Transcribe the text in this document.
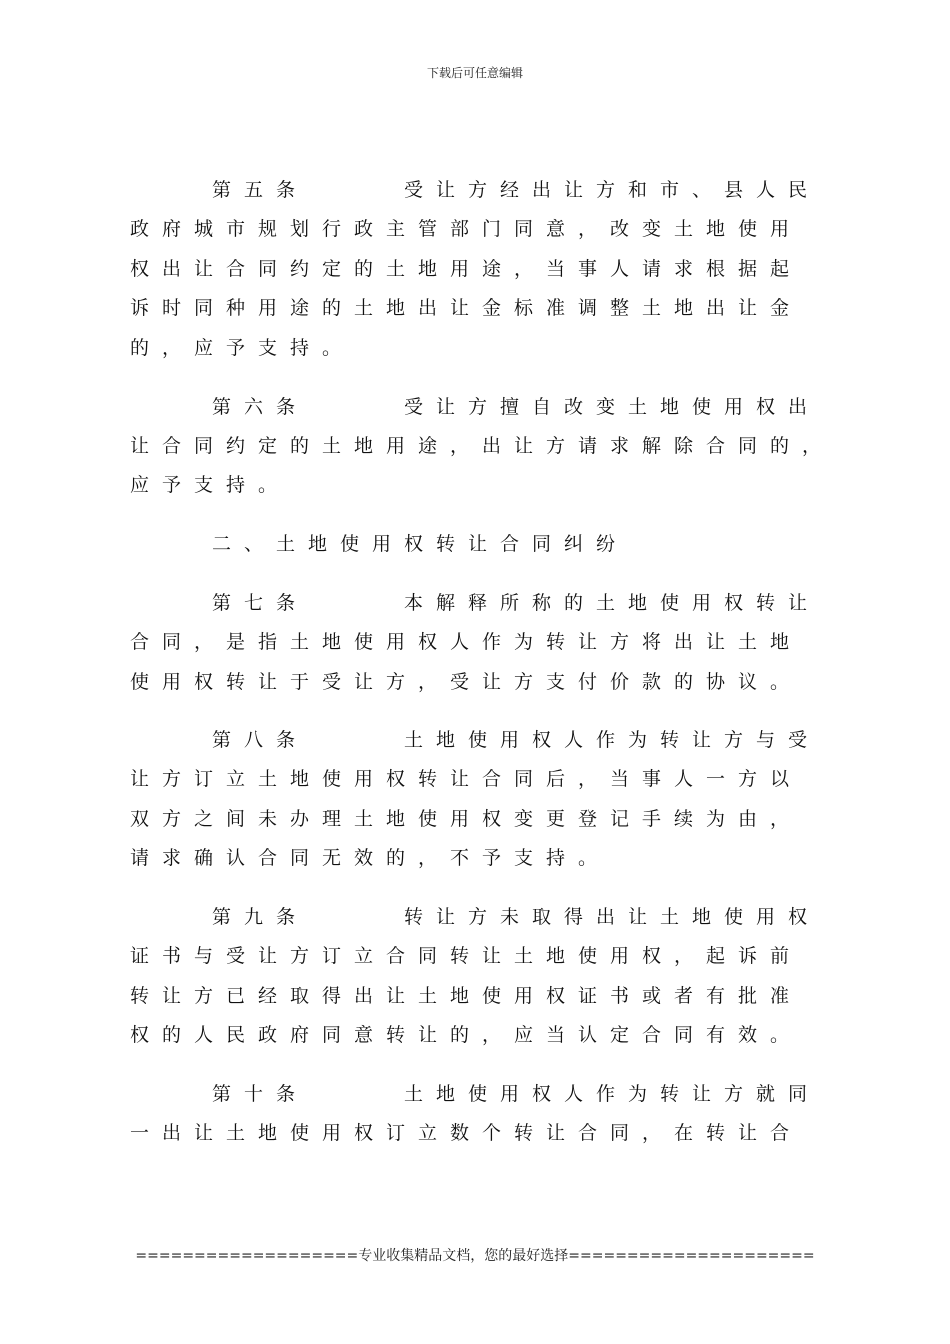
下载后可任意编辑
第五条　　　受让方经出让方和市、县人民
政府城市规划行政主管部门同意，改变土地使用
权出让合同约定的土地用途，当事人请求根据起
诉时同种用途的土地出让金标准调整土地出让金
的，应予支持。
第六条　　　受让方擅自改变土地使用权出
让合同约定的土地用途，出让方请求解除合同的，
应予支持。
二、土地使用权转让合同纠纷
第七条　　　本解释所称的土地使用权转让
合同，是指土地使用权人作为转让方将出让土地
使用权转让于受让方，受让方支付价款的协议。
第八条　　　土地使用权人作为转让方与受
让方订立土地使用权转让合同后，当事人一方以
双方之间未办理土地使用权变更登记手续为由，
请求确认合同无效的，不予支持。
第九条　　　转让方未取得出让土地使用权
证书与受让方订立合同转让土地使用权，起诉前
转让方已经取得出让土地使用权证书或者有批准
权的人民政府同意转让的，应当认定合同有效。
第十条　　　土地使用权人作为转让方就同
一出让土地使用权订立数个转让合同，在转让合
===================专业收集精品文档，您的最好选择=====================
